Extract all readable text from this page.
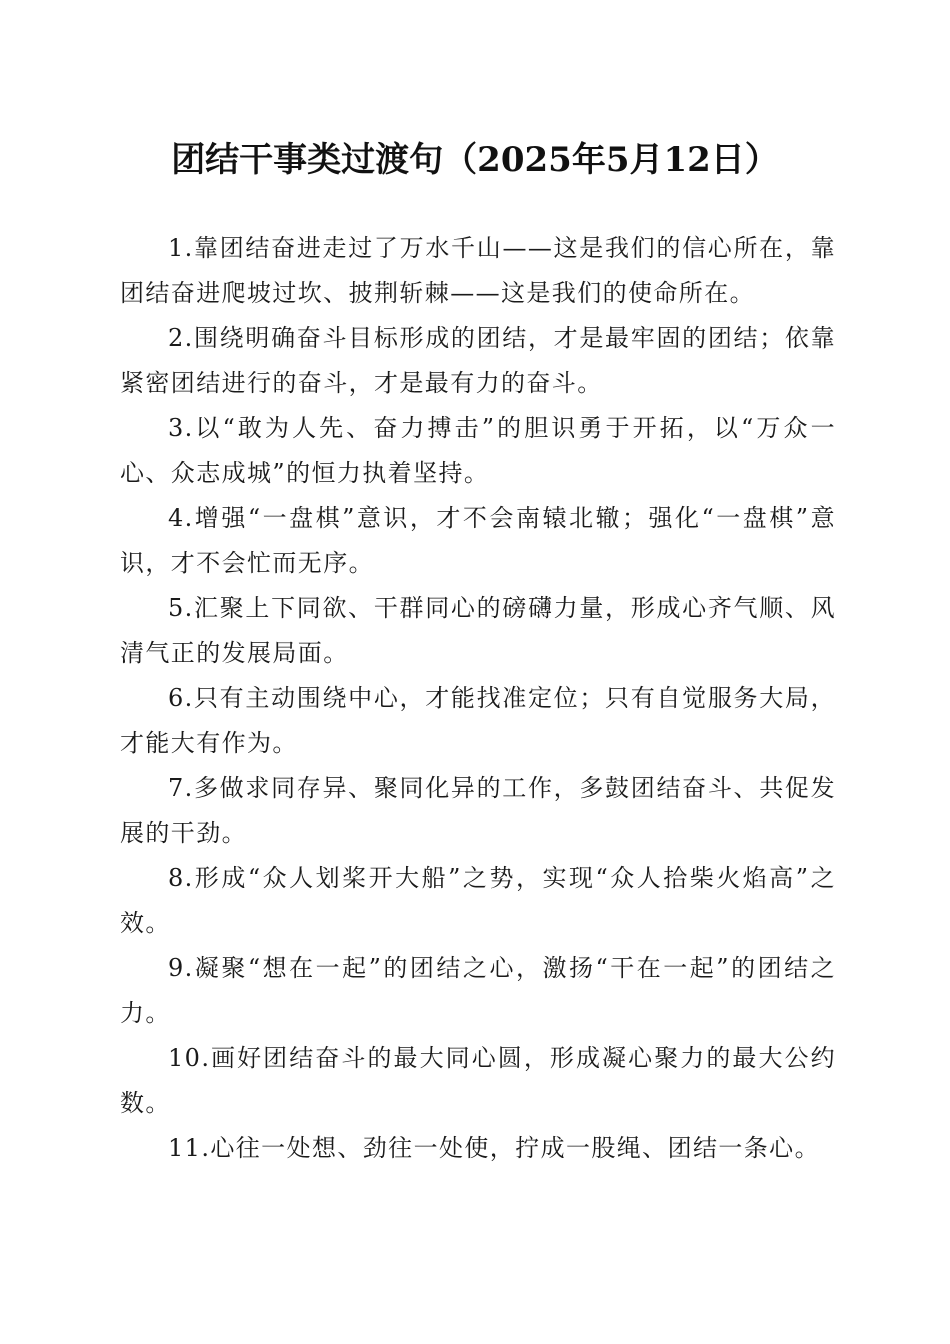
团结干事类过渡句（2025年5月12日）

1.靠团结奋进走过了万水千山——这是我们的信心所在，靠团结奋进爬坡过坎、披荆斩棘——这是我们的使命所在。

2.围绕明确奋斗目标形成的团结，才是最牢固的团结；依靠紧密团结进行的奋斗，才是最有力的奋斗。

3.以“敢为人先、奋力搏击”的胆识勇于开拓，以“万众一心、众志成城”的恒力执着坚持。

4.增强“一盘棋”意识，才不会南辕北辙；强化“一盘棋”意识，才不会忙而无序。

5.汇聚上下同欲、干群同心的磅礴力量，形成心齐气顺、风清气正的发展局面。

6.只有主动围绕中心，才能找准定位；只有自觉服务大局，才能大有作为。

7.多做求同存异、聚同化异的工作，多鼓团结奋斗、共促发展的干劲。

8.形成“众人划桨开大船”之势，实现“众人拾柴火焰高”之效。

9.凝聚“想在一起”的团结之心，激扬“干在一起”的团结之力。

10.画好团结奋斗的最大同心圆，形成凝心聚力的最大公约数。

11.心往一处想、劲往一处使，拧成一股绳、团结一条心。
